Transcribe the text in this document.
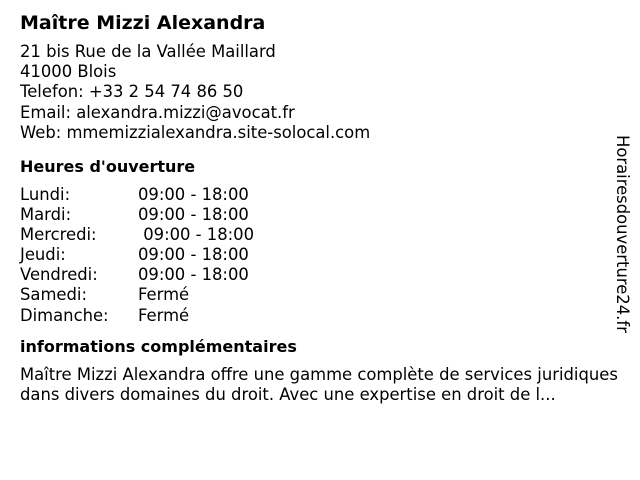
Maître Mizzi Alexandra
21 bis Rue de la Vallée Maillard
41000 Blois
Telefon: +33 2 54 74 86 50
Email: alexandra.mizzi@avocat.fr
Web: mmemizzialexandra.site-solocal.com
Heures d'ouverture
Lundi:	09:00 - 18:00
Mardi:	09:00 - 18:00
Mercredi:	09:00 - 18:00
Jeudi:	09:00 - 18:00
Vendredi:	09:00 - 18:00
Samedi:	Fermé
Dimanche:	Fermé
informations complémentaires
Maître Mizzi Alexandra offre une gamme complète de services juridiques dans divers domaines du droit. Avec une expertise en droit de l...
Horairesdouverture24.fr
